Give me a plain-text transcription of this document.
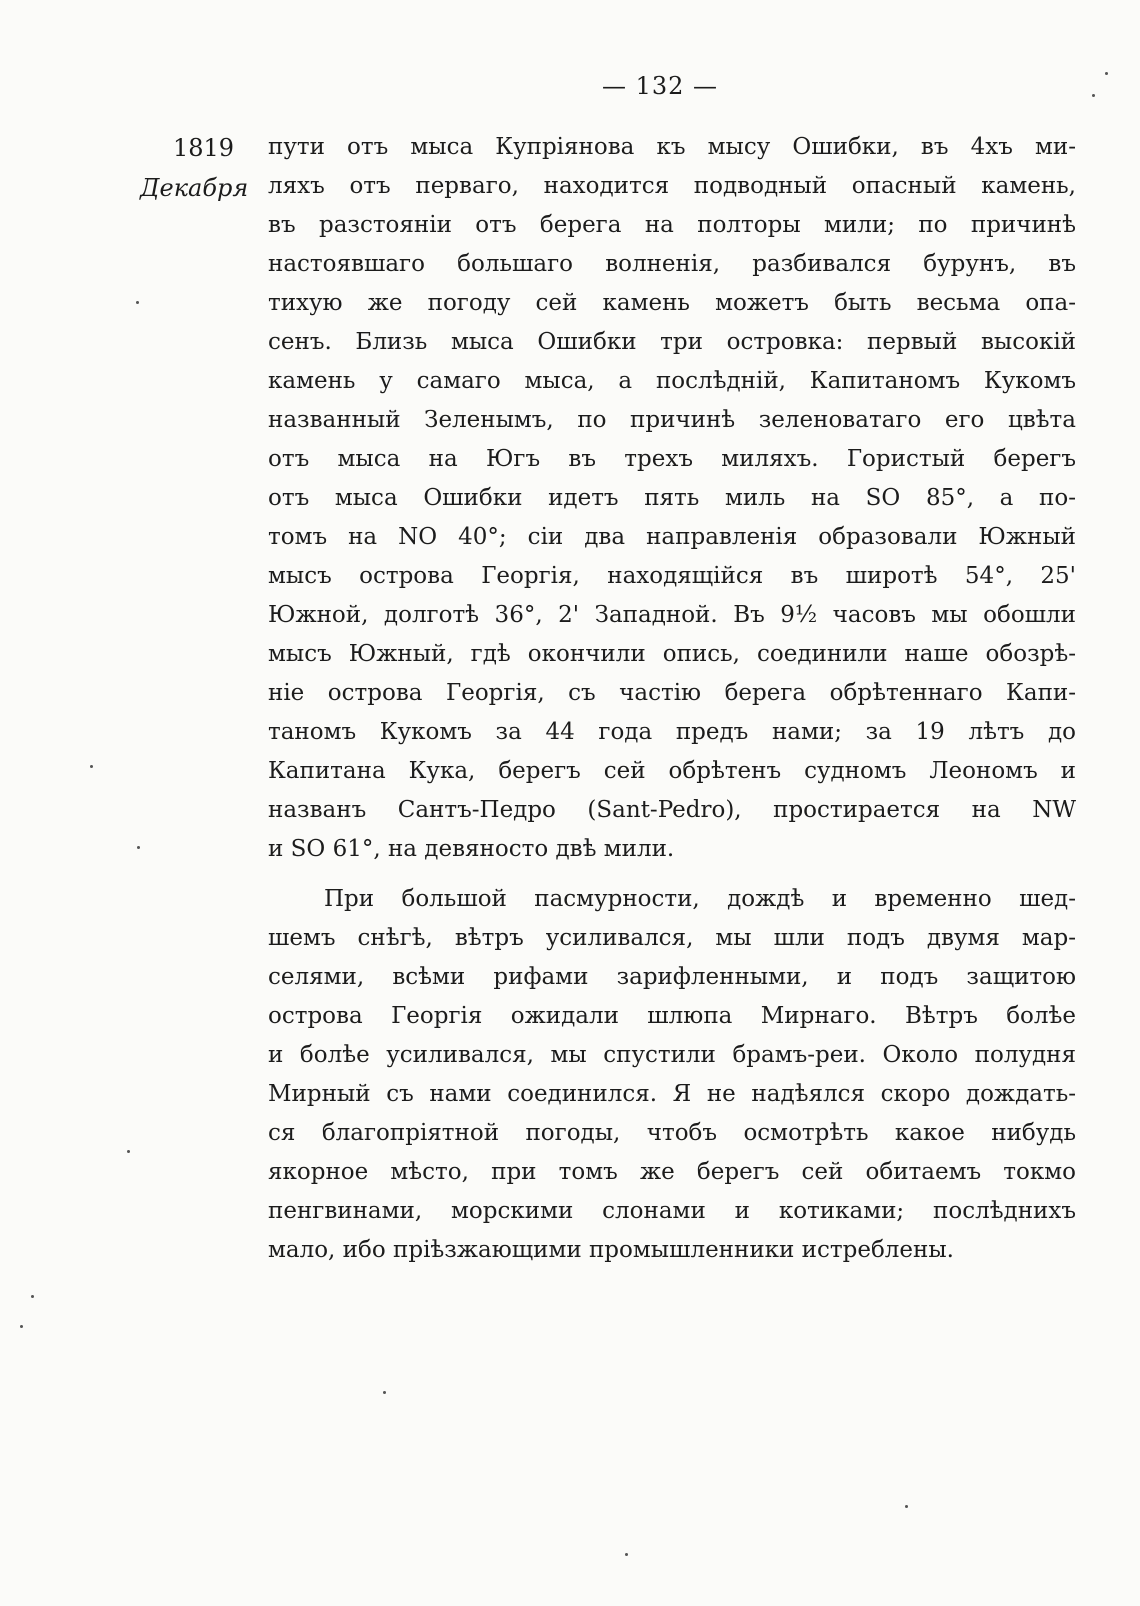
— 132 —
1819
Декабря
пути отъ мыса Купріянова къ мысу Ошибки, въ 4хъ ми-
ляхъ отъ перваго, находится подводный опасный камень,
въ разстояніи отъ берега на полторы мили; по причинѣ
настоявшаго большаго волненія, разбивался бурунъ, въ
тихую же погоду сей камень можетъ быть весьма опа-
сенъ. Близь мыса Ошибки три островка: первый высокій
камень у самаго мыса, а послѣдній, Капитаномъ Кукомъ
названный Зеленымъ, по причинѣ зеленоватаго его цвѣта
отъ мыса на Югъ въ трехъ миляхъ. Гористый берегъ
отъ мыса Ошибки идетъ пять миль на SO 85°, а по-
томъ на NO 40°; сіи два направленія образовали Южный
мысъ острова Георгія, находящійся въ широтѣ 54°, 25'
Южной, долготѣ 36°, 2' Западной. Въ 9½ часовъ мы обошли
мысъ Южный, гдѣ окончили опись, соединили наше обозрѣ-
ніе острова Георгія, съ частію берега обрѣтеннаго Капи-
таномъ Кукомъ за 44 года предъ нами; за 19 лѣтъ до
Капитана Кука, берегъ сей обрѣтенъ судномъ Леономъ и
названъ Сантъ-Педро (Sant-Pedro), простирается на NW
и SO 61°, на девяносто двѣ мили.
При большой пасмурности, дождѣ и временно шед-
шемъ снѣгѣ, вѣтръ усиливался, мы шли подъ двумя мар-
селями, всѣми рифами зарифленными, и подъ защитою
острова Георгія ожидали шлюпа Мирнаго. Вѣтръ болѣе
и болѣе усиливался, мы спустили брамъ-реи. Около полудня
Мирный съ нами соединился. Я не надѣялся скоро дождать-
ся благопріятной погоды, чтобъ осмотрѣть какое нибудь
якорное мѣсто, при томъ же берегъ сей обитаемъ токмо
пенгвинами, морскими слонами и котиками; послѣднихъ
мало, ибо пріѣзжающими промышленники истреблены.
